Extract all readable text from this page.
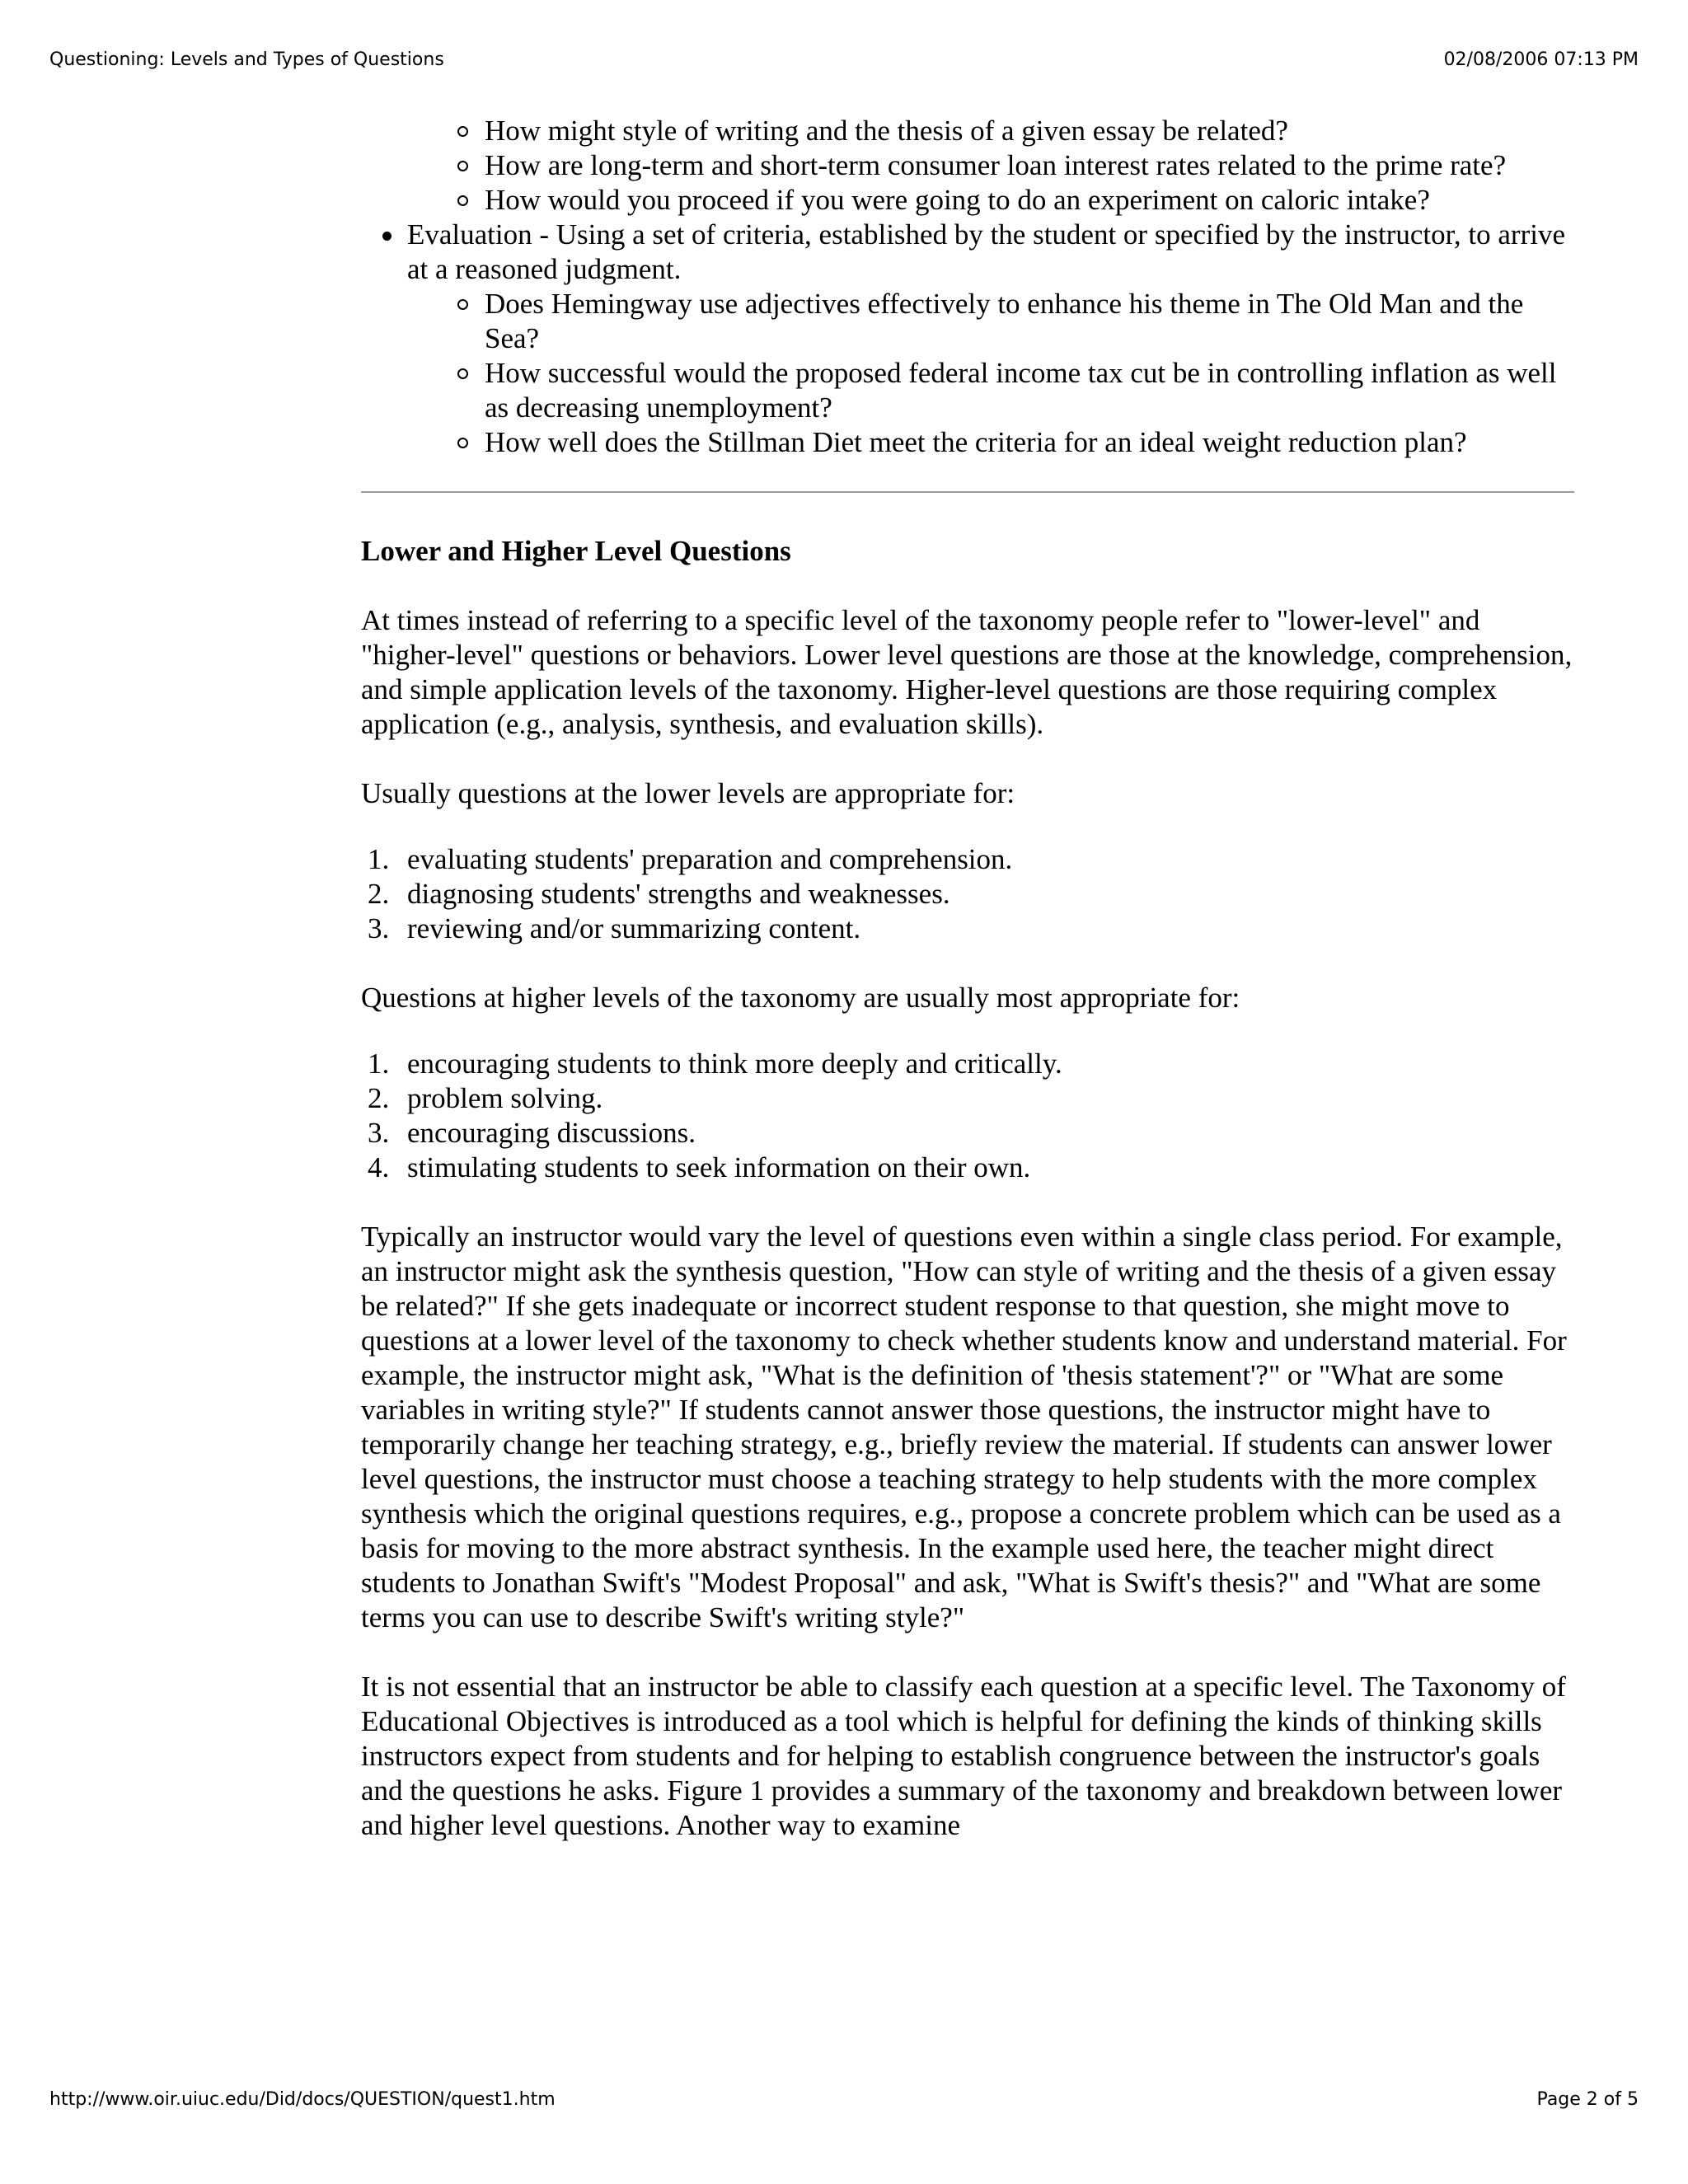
Questioning: Levels and Types of Questions	02/08/2006 07:13 PM
How might style of writing and the thesis of a given essay be related?
How are long-term and short-term consumer loan interest rates related to the prime rate?
How would you proceed if you were going to do an experiment on caloric intake?
Evaluation - Using a set of criteria, established by the student or specified by the instructor, to arrive at a reasoned judgment.
Does Hemingway use adjectives effectively to enhance his theme in The Old Man and the Sea?
How successful would the proposed federal income tax cut be in controlling inflation as well as decreasing unemployment?
How well does the Stillman Diet meet the criteria for an ideal weight reduction plan?
Lower and Higher Level Questions

At times instead of referring to a specific level of the taxonomy people refer to "lower-level" and "higher-level" questions or behaviors. Lower level questions are those at the knowledge, comprehension, and simple application levels of the taxonomy. Higher-level questions are those requiring complex application (e.g., analysis, synthesis, and evaluation skills).

Usually questions at the lower levels are appropriate for:

1. evaluating students' preparation and comprehension.
2. diagnosing students' strengths and weaknesses.
3. reviewing and/or summarizing content.

Questions at higher levels of the taxonomy are usually most appropriate for:

1. encouraging students to think more deeply and critically.
2. problem solving.
3. encouraging discussions.
4. stimulating students to seek information on their own.

Typically an instructor would vary the level of questions even within a single class period. For example, an instructor might ask the synthesis question, "How can style of writing and the thesis of a given essay be related?" If she gets inadequate or incorrect student response to that question, she might move to questions at a lower level of the taxonomy to check whether students know and understand material. For example, the instructor might ask, "What is the definition of 'thesis statement'?" or "What are some variables in writing style?" If students cannot answer those questions, the instructor might have to temporarily change her teaching strategy, e.g., briefly review the material. If students can answer lower level questions, the instructor must choose a teaching strategy to help students with the more complex synthesis which the original questions requires, e.g., propose a concrete problem which can be used as a basis for moving to the more abstract synthesis. In the example used here, the teacher might direct students to Jonathan Swift's "Modest Proposal" and ask, "What is Swift's thesis?" and "What are some terms you can use to describe Swift's writing style?"

It is not essential that an instructor be able to classify each question at a specific level. The Taxonomy of Educational Objectives is introduced as a tool which is helpful for defining the kinds of thinking skills instructors expect from students and for helping to establish congruence between the instructor's goals and the questions he asks. Figure 1 provides a summary of the taxonomy and breakdown between lower and higher level questions. Another way to examine

http://www.oir.uiuc.edu/Did/docs/QUESTION/quest1.htm	Page 2 of 5
